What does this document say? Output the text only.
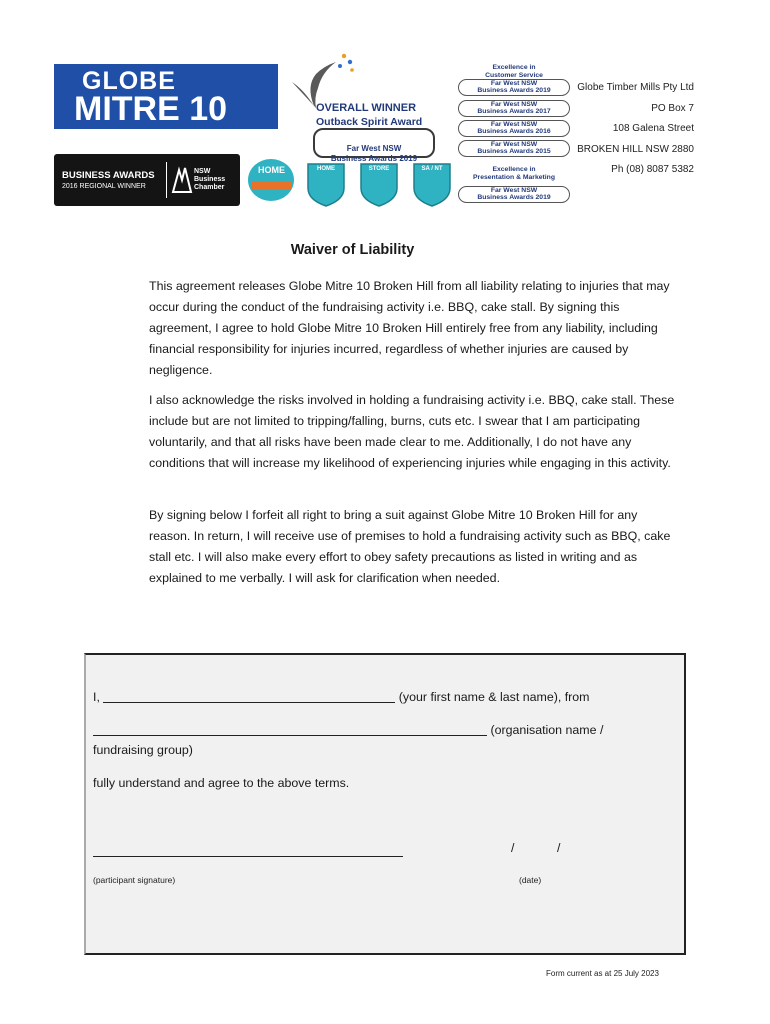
GLOBE
MITRE 10
BUSINESS AWARDS
2016 REGIONAL WINNER
NSW
Business
Chamber
HOME
OVERALL WINNER
Outback Spirit Award

Far West NSW
Business Awards 2019

HOME	STORE	SA / NT
Excellence in
Customer Service
Far West NSW
Business Awards 2019
Far West NSW
Business Awards 2017
Far West NSW
Business Awards 2016
Far West NSW
Business Awards 2015
Excellence in
Presentation & Marketing
Far West NSW
Business Awards 2019
Globe Timber Mills Pty Ltd
PO Box 7
108 Galena Street
BROKEN HILL NSW 2880
Ph (08) 8087 5382
Waiver of Liability
This agreement releases Globe Mitre 10 Broken Hill from all liability relating to injuries that may occur during the conduct of the fundraising activity i.e. BBQ, cake stall. By signing this agreement, I agree to hold Globe Mitre 10 Broken Hill entirely free from any liability, including financial responsibility for injuries incurred, regardless of whether injuries are caused by negligence.
I also acknowledge the risks involved in holding a fundraising activity i.e. BBQ, cake stall. These include but are not limited to tripping/falling, burns, cuts etc. I swear that I am participating voluntarily, and that all risks have been made clear to me. Additionally, I do not have any conditions that will increase my likelihood of experiencing injuries while engaging in this activity.
By signing below I forfeit all right to bring a suit against Globe Mitre 10 Broken Hill for any reason. In return, I will receive use of premises to hold a fundraising activity such as BBQ, cake stall etc. I will also make every effort to obey safety precautions as listed in writing and as explained to me verbally. I will ask for clarification when needed.
I,	(your first name & last name), from
(organisation name /
fundraising group)
fully understand and agree to the above terms.
/	/
(participant signature)	(date)
Form current as at 25 July 2023
